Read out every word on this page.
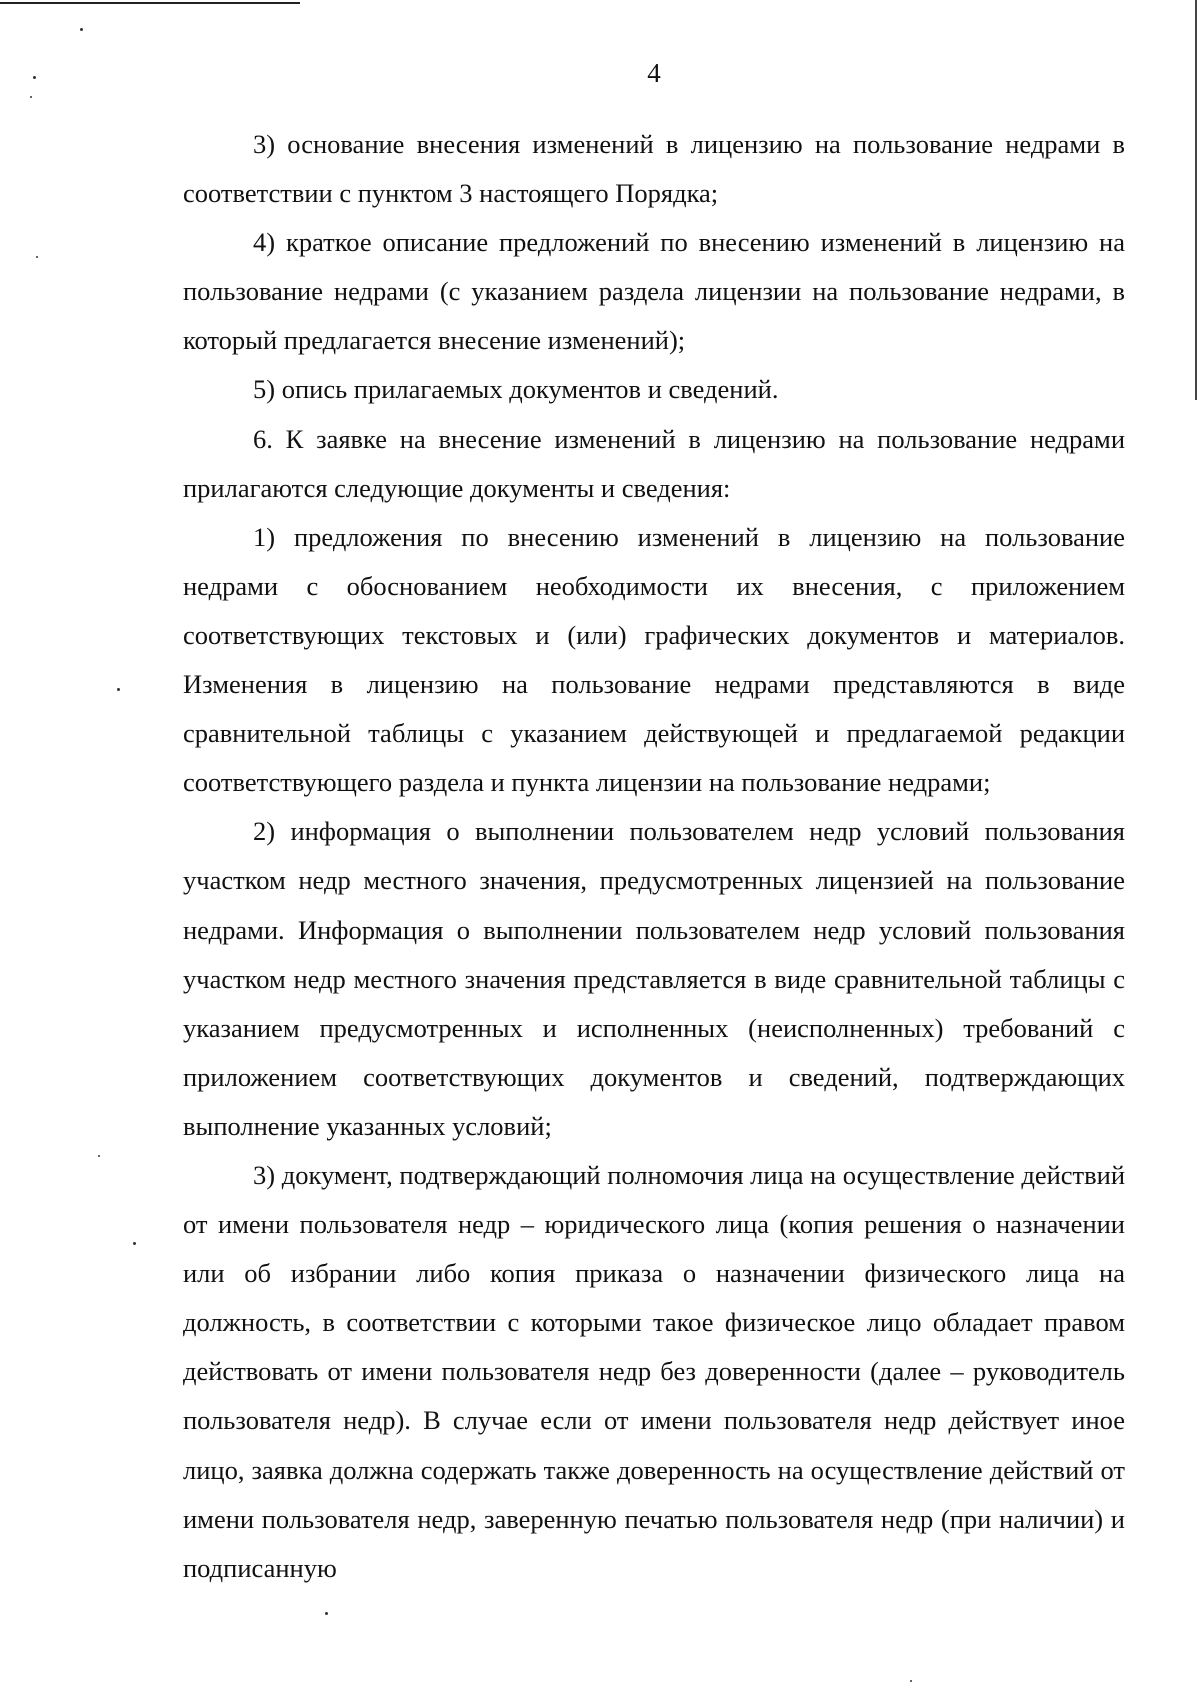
4

3) основание внесения изменений в лицензию на пользование недрами в соответствии с пунктом 3 настоящего Порядка;

4) краткое описание предложений по внесению изменений в лицензию на пользование недрами (с указанием раздела лицензии на пользование недрами, в который предлагается внесение изменений);

5) опись прилагаемых документов и сведений.

6. К заявке на внесение изменений в лицензию на пользование недрами прилагаются следующие документы и сведения:

1) предложения по внесению изменений в лицензию на пользование недрами с обоснованием необходимости их внесения, с приложением соответствующих текстовых и (или) графических документов и материалов. Изменения в лицензию на пользование недрами представляются в виде сравнительной таблицы с указанием действующей и предлагаемой редакции соответствующего раздела и пункта лицензии на пользование недрами;

2) информация о выполнении пользователем недр условий пользования участком недр местного значения, предусмотренных лицензией на пользование недрами. Информация о выполнении пользователем недр условий пользования участком недр местного значения представляется в виде сравнительной таблицы с указанием предусмотренных и исполненных (неисполненных) требований с приложением соответствующих документов и сведений, подтверждающих выполнение указанных условий;

3) документ, подтверждающий полномочия лица на осуществление действий от имени пользователя недр – юридического лица (копия решения о назначении или об избрании либо копия приказа о назначении физического лица на должность, в соответствии с которыми такое физическое лицо обладает правом действовать от имени пользователя недр без доверенности (далее – руководитель пользователя недр). В случае если от имени пользователя недр действует иное лицо, заявка должна содержать также доверенность на осуществление действий от имени пользователя недр, заверенную печатью пользователя недр (при наличии) и подписанную
